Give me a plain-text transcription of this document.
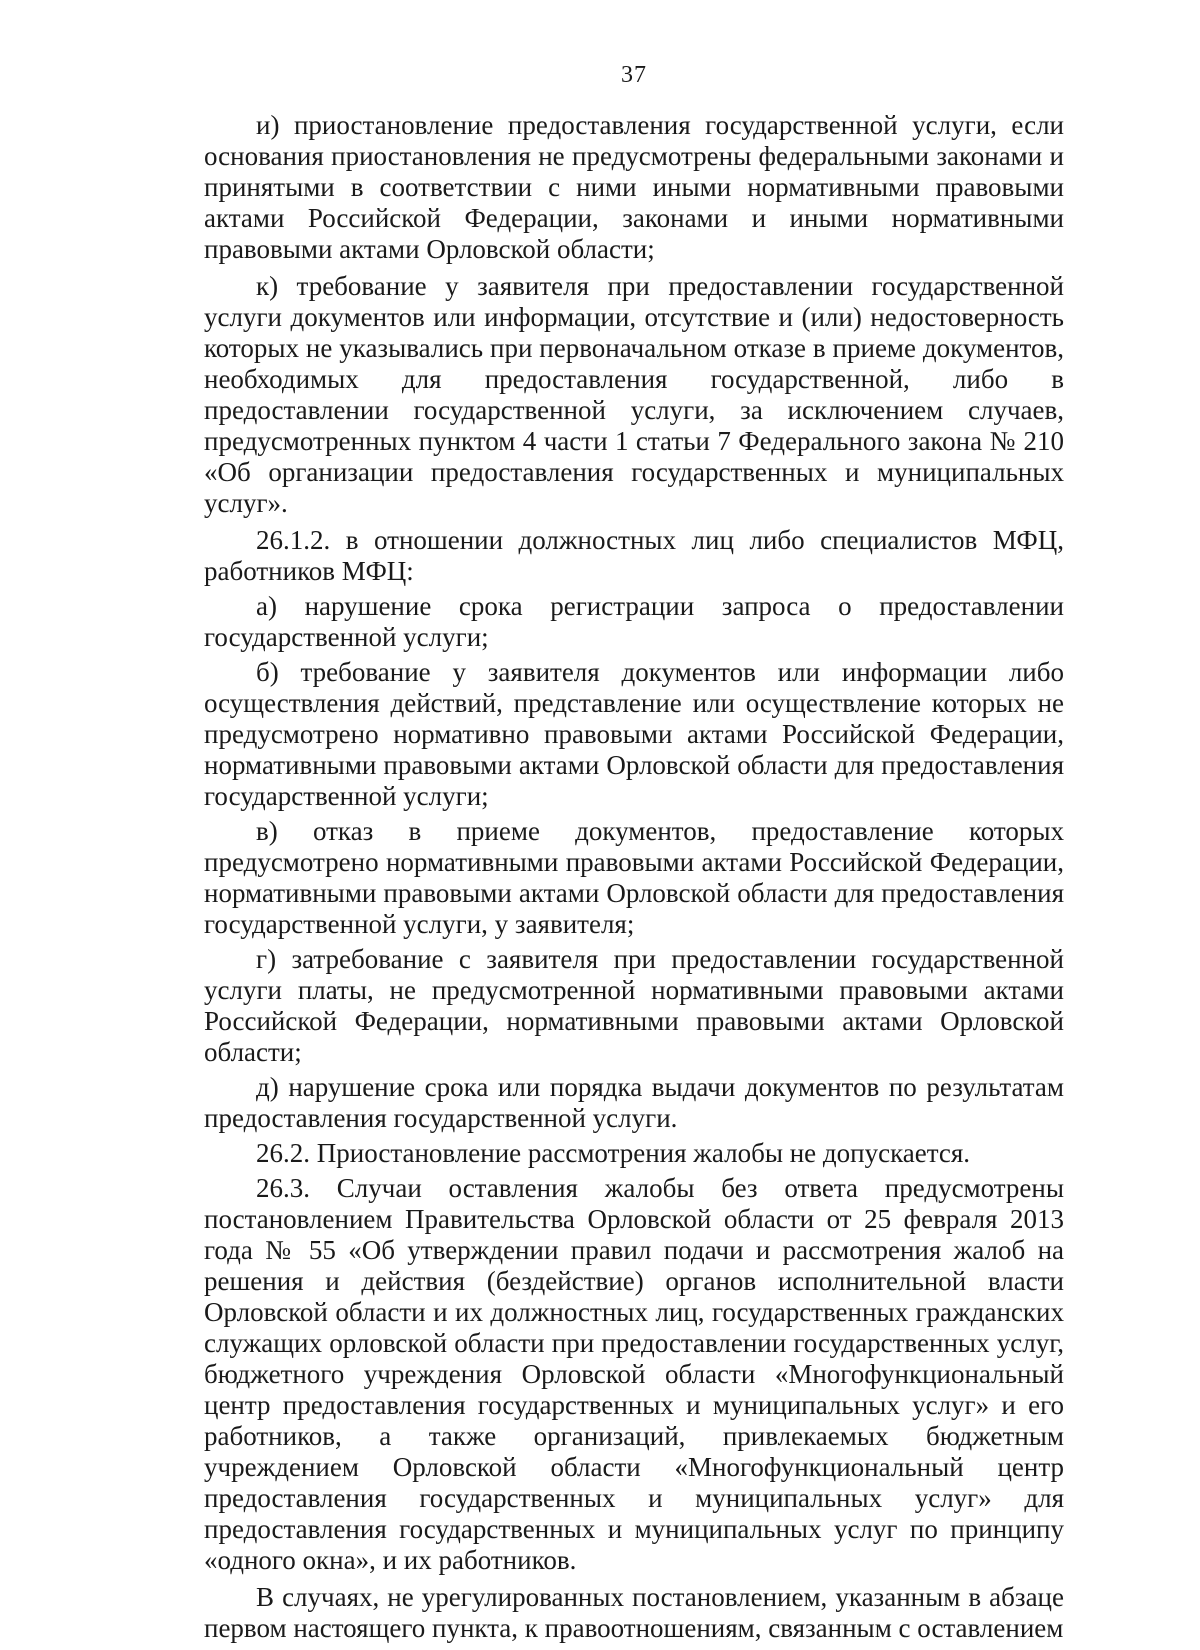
37

и) приостановление предоставления государственной услуги, если основания приостановления не предусмотрены федеральными законами и принятыми в соответствии с ними иными нормативными правовыми актами Российской Федерации, законами и иными нормативными правовыми актами Орловской области;

к) требование у заявителя при предоставлении государственной услуги документов или информации, отсутствие и (или) недостоверность которых не указывались при первоначальном отказе в приеме документов, необходимых для предоставления государственной, либо в предоставлении государственной услуги, за исключением случаев, предусмотренных пунктом 4 части 1 статьи 7 Федерального закона № 210 «Об организации предоставления государственных и муниципальных услуг».

26.1.2. в отношении должностных лиц либо специалистов МФЦ, работников МФЦ:

а) нарушение срока регистрации запроса о предоставлении государственной услуги;

б) требование у заявителя документов или информации либо осуществления действий, представление или осуществление которых не предусмотрено нормативно правовыми актами Российской Федерации, нормативными правовыми актами Орловской области для предоставления государственной услуги;

в) отказ в приеме документов, предоставление которых предусмотрено нормативными правовыми актами Российской Федерации, нормативными правовыми актами Орловской области для предоставления государственной услуги, у заявителя;

г) затребование с заявителя при предоставлении государственной услуги платы, не предусмотренной нормативными правовыми актами Российской Федерации, нормативными правовыми актами Орловской области;

д) нарушение срока или порядка выдачи документов по результатам предоставления государственной услуги.

26.2. Приостановление рассмотрения жалобы не допускается.

26.3. Случаи оставления жалобы без ответа предусмотрены постановлением Правительства Орловской области от 25 февраля 2013 года № 55 «Об утверждении правил подачи и рассмотрения жалоб на решения и действия (бездействие) органов исполнительной власти Орловской области и их должностных лиц, государственных гражданских служащих орловской области при предоставлении государственных услуг, бюджетного учреждения Орловской области «Многофункциональный центр предоставления государственных и муниципальных услуг» и его работников, а также организаций, привлекаемых бюджетным учреждением Орловской области «Многофункциональный центр предоставления государственных и муниципальных услуг» для предоставления государственных и муниципальных услуг по принципу «одного окна», и их работников.

В случаях, не урегулированных постановлением, указанным в абзаце первом настоящего пункта, к правоотношениям, связанным с оставлением
